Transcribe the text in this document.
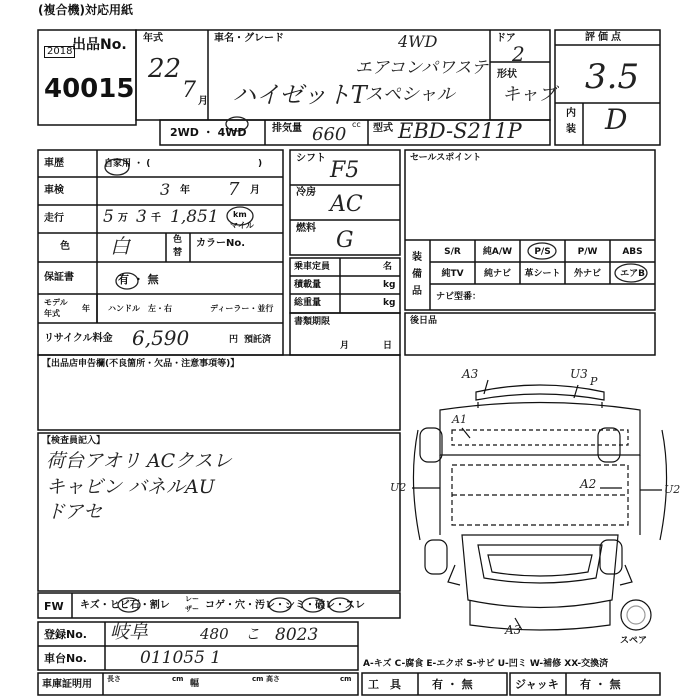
(複合機)対応用紙
出品No.
2018
40015
年式
22
7 月
車名・グレード	4WD
エアコンパワステ
ハイゼットT
スペシャル
ドア
2
形状
キャブ
評価点
3.5
内
装 D
2WD ・ 4WD	排気量 660 cc 型式 EBD-S211P
車歴	自家用 ・ (	)
車検	3 年 7 月
走行 5 万 3 千 1,851 km
マイル
色 白	色
替
カラーNo.
保証書	有 ・ 無
モデル
年式
年 ハンドル　左・右	ディーラー・並行
リサイクル料金 6,590	円 預託済
シフト F5
冷房 AC
燃料 G
乗車定員	名
積載量	kg
総重量	kg
書類期限
月	日
セールスポイント
装
備
品
S/R	純A/W	P/S	P/W	ABS
純TV	純ナビ	革シート	外ナビ	エアB
ナビ型番：
後日品
【出品店申告欄(不良箇所・欠品・注意事項等)】
【検査員記入】
荷台アオリ ACクスレ
キャビン バネルAU
ドアセ
A3	U3
P
A1
U2	A2	U2
A3
スペア
FW キズ・ヒビ石・割レ
レー
ザー コゲ・穴・汚レ・シミ・破レ・スレ
登録No. 岐阜	480 こ 8023
車台No.	011055 1	A-キズ C-腐食 E-エクボ S-サビ U-凹ミ W-補修 XX-交換済
車庫証明用 長さ	cm 幅	cm 高さ	cm 工　具	有 ・ 無	ジャッキ 有 ・ 無
